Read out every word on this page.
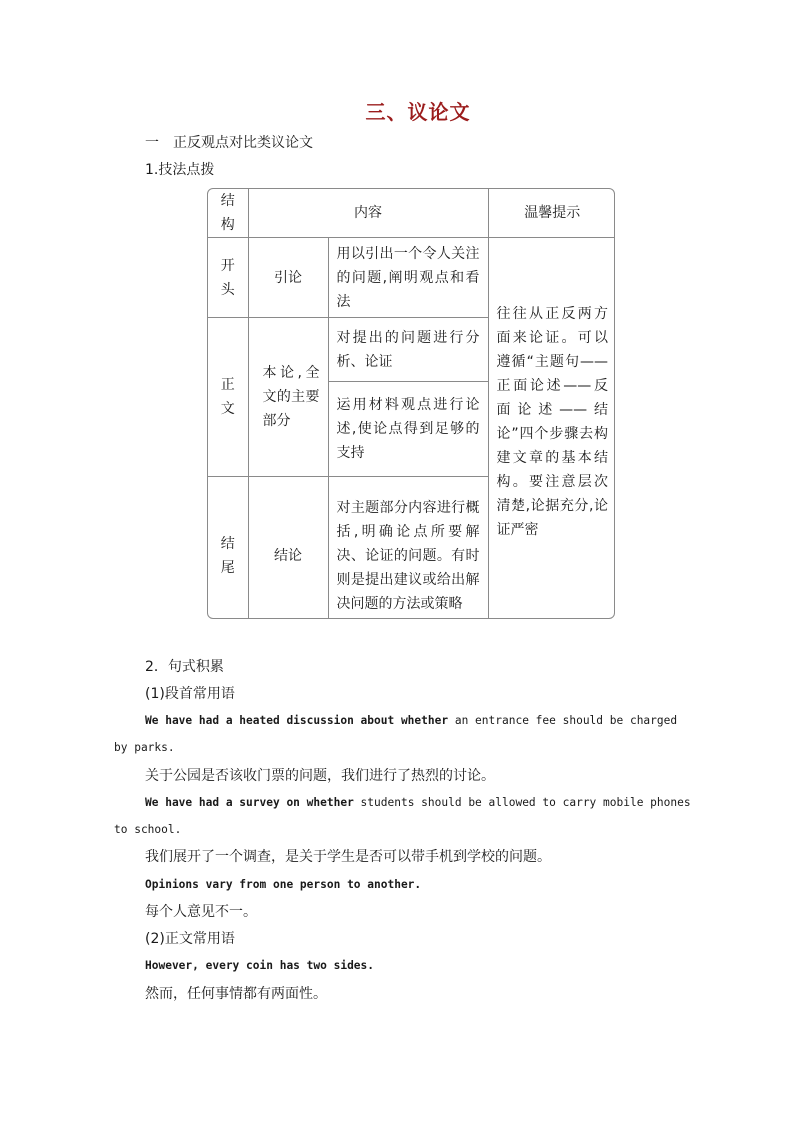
三、议论文
一 正反观点对比类议论文
1.技法点拨
结构	内容		温馨提示
开头	引论	用以引出一个令人关注的问题,阐明观点和看法	往往从正反两方面来论证。可以遵循“主题句——正面论述——反面论述——结论”四个步骤去构建文章的基本结构。要注意层次清楚,论据充分,论证严密
正文	本论,全文的主要部分	对提出的问题进行分析、论证	
		运用材料观点进行论述,使论点得到足够的支持	
结尾	结论	对主题部分内容进行概括,明确论点所要解决、论证的问题。有时则是提出建议或给出解决问题的方法或策略	
2．句式积累
(1)段首常用语
We have had a heated discussion about whether an entrance fee should be charged
by parks.
关于公园是否该收门票的问题，我们进行了热烈的讨论。
We have had a survey on whether students should be allowed to carry mobile phones
to school.
我们展开了一个调查，是关于学生是否可以带手机到学校的问题。
Opinions vary from one person to another.
每个人意见不一。
(2)正文常用语
However, every coin has two sides.
然而，任何事情都有两面性。
